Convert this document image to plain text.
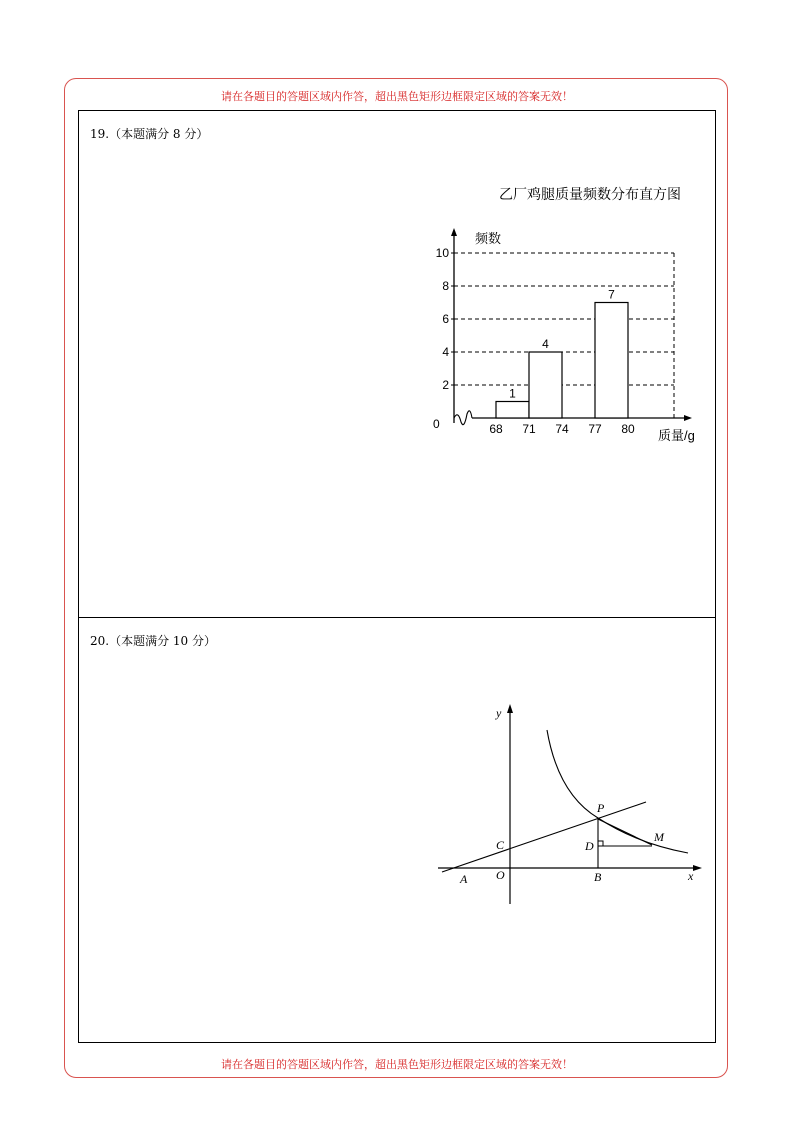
请在各题目的答题区域内作答，超出黑色矩形边框限定区域的答案无效！
19.（本题满分 8 分）
乙厂鸡腿质量频数分布直方图
频数
质量/g
0
10
8
6
4
2
1
4
7
68 71 74 77 80
20.（本题满分 10 分）
x
y
A O	B
C	D
P
M
请在各题目的答题区域内作答，超出黑色矩形边框限定区域的答案无效！
